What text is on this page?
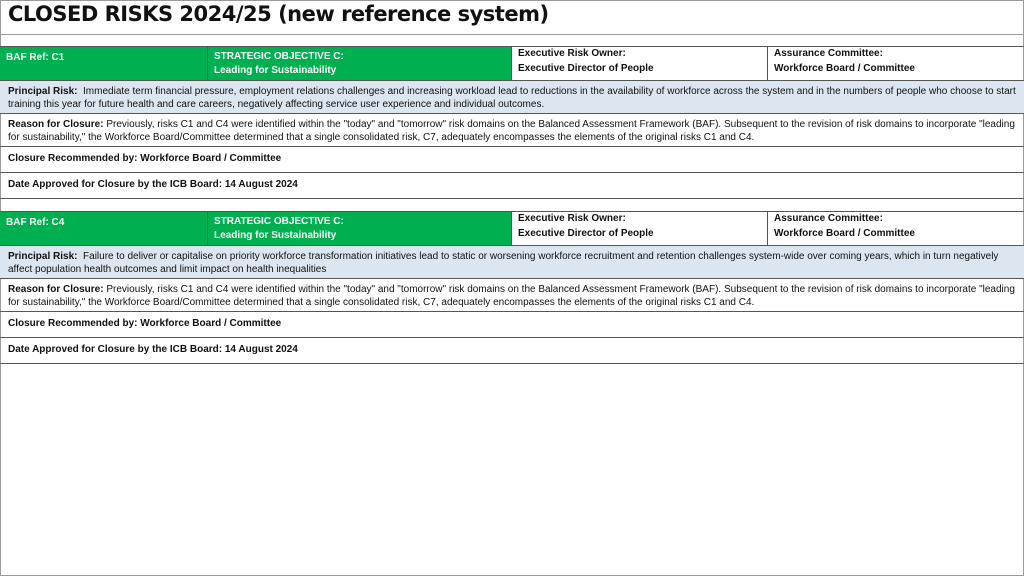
CLOSED RISKS 2024/25 (new reference system)
BAF Ref: C1	STRATEGIC OBJECTIVE C:
Leading for Sustainability
Executive Risk Owner:
Executive Director of People
Assurance Committee:
Workforce Board / Committee
Principal Risk: Immediate term financial pressure, employment relations challenges and increasing workload lead to reductions in the availability of workforce across the system and in the numbers of people who choose to start training this year for future health and care careers, negatively affecting service user experience and individual outcomes.
Reason for Closure: Previously, risks C1 and C4 were identified within the "today" and "tomorrow" risk domains on the Balanced Assessment Framework (BAF). Subsequent to the revision of risk domains to incorporate "leading for sustainability," the Workforce Board/Committee determined that a single consolidated risk, C7, adequately encompasses the elements of the original risks C1 and C4.
Closure Recommended by: Workforce Board / Committee
Date Approved for Closure by the ICB Board: 14 August 2024
BAF Ref: C4	STRATEGIC OBJECTIVE C:
Leading for Sustainability
Executive Risk Owner:
Executive Director of People
Assurance Committee:
Workforce Board / Committee
Principal Risk: Failure to deliver or capitalise on priority workforce transformation initiatives lead to static or worsening workforce recruitment and retention challenges system-wide over coming years, which in turn negatively affect population health outcomes and limit impact on health inequalities
Reason for Closure: Previously, risks C1 and C4 were identified within the "today" and "tomorrow" risk domains on the Balanced Assessment Framework (BAF). Subsequent to the revision of risk domains to incorporate "leading for sustainability," the Workforce Board/Committee determined that a single consolidated risk, C7, adequately encompasses the elements of the original risks C1 and C4.
Closure Recommended by: Workforce Board / Committee
Date Approved for Closure by the ICB Board: 14 August 2024
